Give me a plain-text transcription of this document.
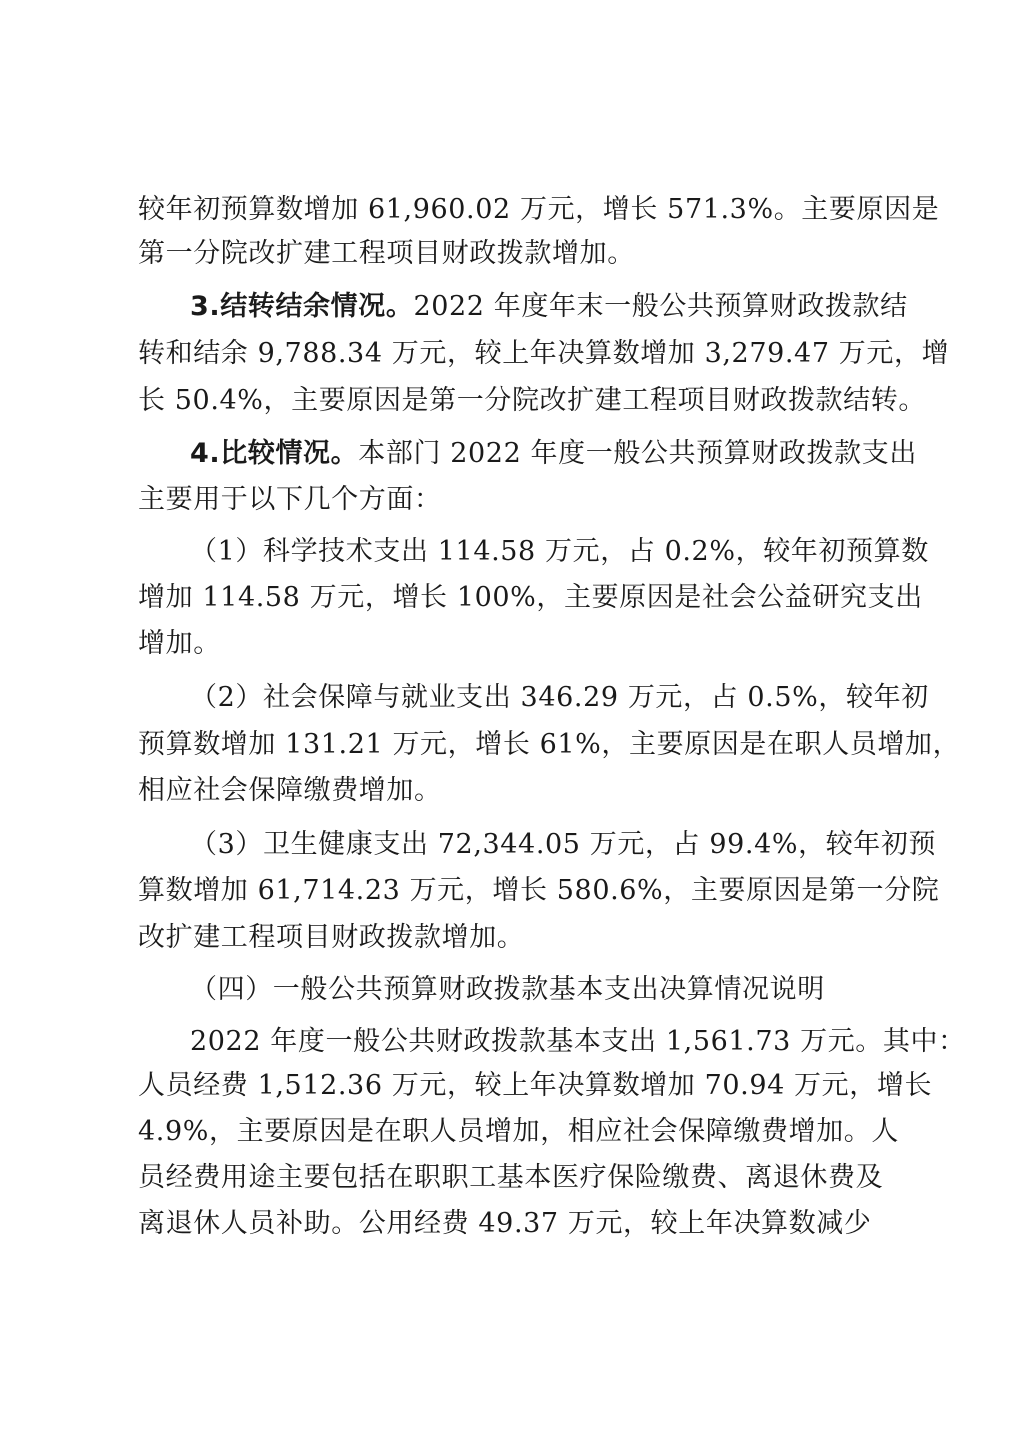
较年初预算数增加 61,960.02 万元，增长 571.3%。主要原因是
第一分院改扩建工程项目财政拨款增加。
3.结转结余情况。2022 年度年末一般公共预算财政拨款结
转和结余 9,788.34 万元，较上年决算数增加 3,279.47 万元，增
长 50.4%，主要原因是第一分院改扩建工程项目财政拨款结转。
4.比较情况。本部门 2022 年度一般公共预算财政拨款支出
主要用于以下几个方面：
（1）科学技术支出 114.58 万元，占 0.2%，较年初预算数
增加 114.58 万元，增长 100%，主要原因是社会公益研究支出
增加。
（2）社会保障与就业支出 346.29 万元，占 0.5%，较年初
预算数增加 131.21 万元，增长 61%，主要原因是在职人员增加，
相应社会保障缴费增加。
（3）卫生健康支出 72,344.05 万元，占 99.4%，较年初预
算数增加 61,714.23 万元，增长 580.6%，主要原因是第一分院
改扩建工程项目财政拨款增加。
（四）一般公共预算财政拨款基本支出决算情况说明
2022 年度一般公共财政拨款基本支出 1,561.73 万元。其中：
人员经费 1,512.36 万元，较上年决算数增加 70.94 万元，增长
4.9%，主要原因是在职人员增加，相应社会保障缴费增加。人
员经费用途主要包括在职职工基本医疗保险缴费、离退休费及
离退休人员补助。公用经费 49.37 万元，较上年决算数减少
